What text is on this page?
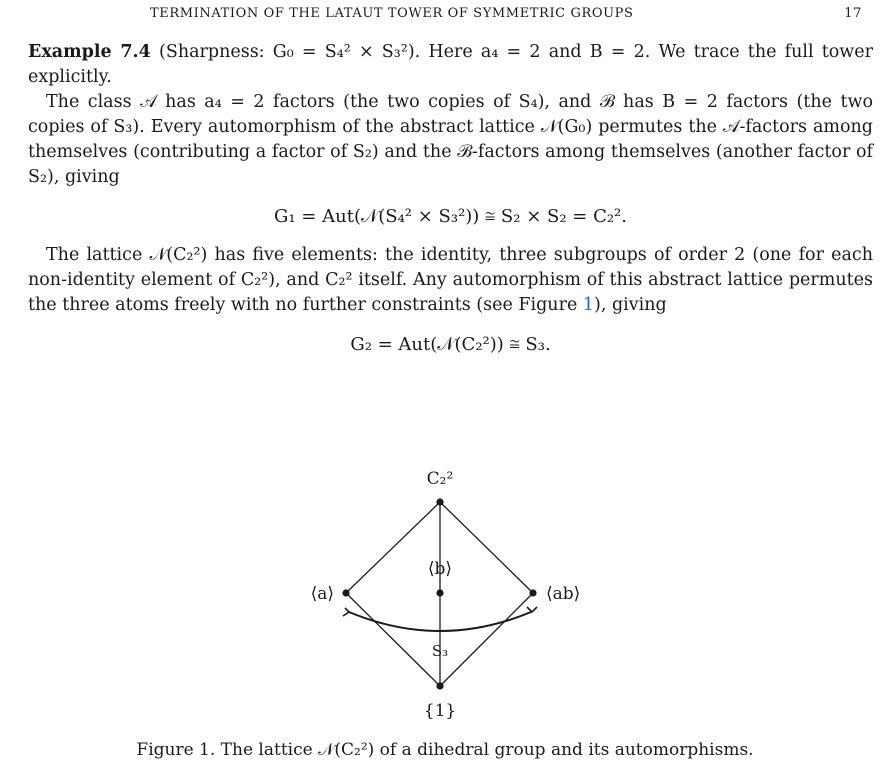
TERMINATION OF THE LATAUT TOWER OF SYMMETRIC GROUPS	17

Example 7.4 (Sharpness: G₀ = S₄² × S₃²). Here a₄ = 2 and B = 2. We trace the full tower explicitly.

The class 𝒜 has a₄ = 2 factors (the two copies of S₄), and ℬ has B = 2 factors (the two copies of S₃). Every automorphism of the abstract lattice 𝒩(G₀) permutes the 𝒜-factors among themselves (contributing a factor of S₂) and the ℬ-factors among themselves (another factor of S₂), giving

G₁ = Aut(𝒩(S₄² × S₃²)) ≅ S₂ × S₂ = C₂².

The lattice 𝒩(C₂²) has five elements: the identity, three subgroups of order 2 (one for each non-identity element of C₂²), and C₂² itself. Any automorphism of this abstract lattice permutes the three atoms freely with no further constraints (see Figure 1), giving

G₂ = Aut(𝒩(C₂²)) ≅ S₃.
C₂²
⟨a⟩
⟨b⟩
⟨ab⟩
{1}
S₃
Figure 1. The lattice 𝒩(C₂²) of a dihedral group and its automorphisms.
